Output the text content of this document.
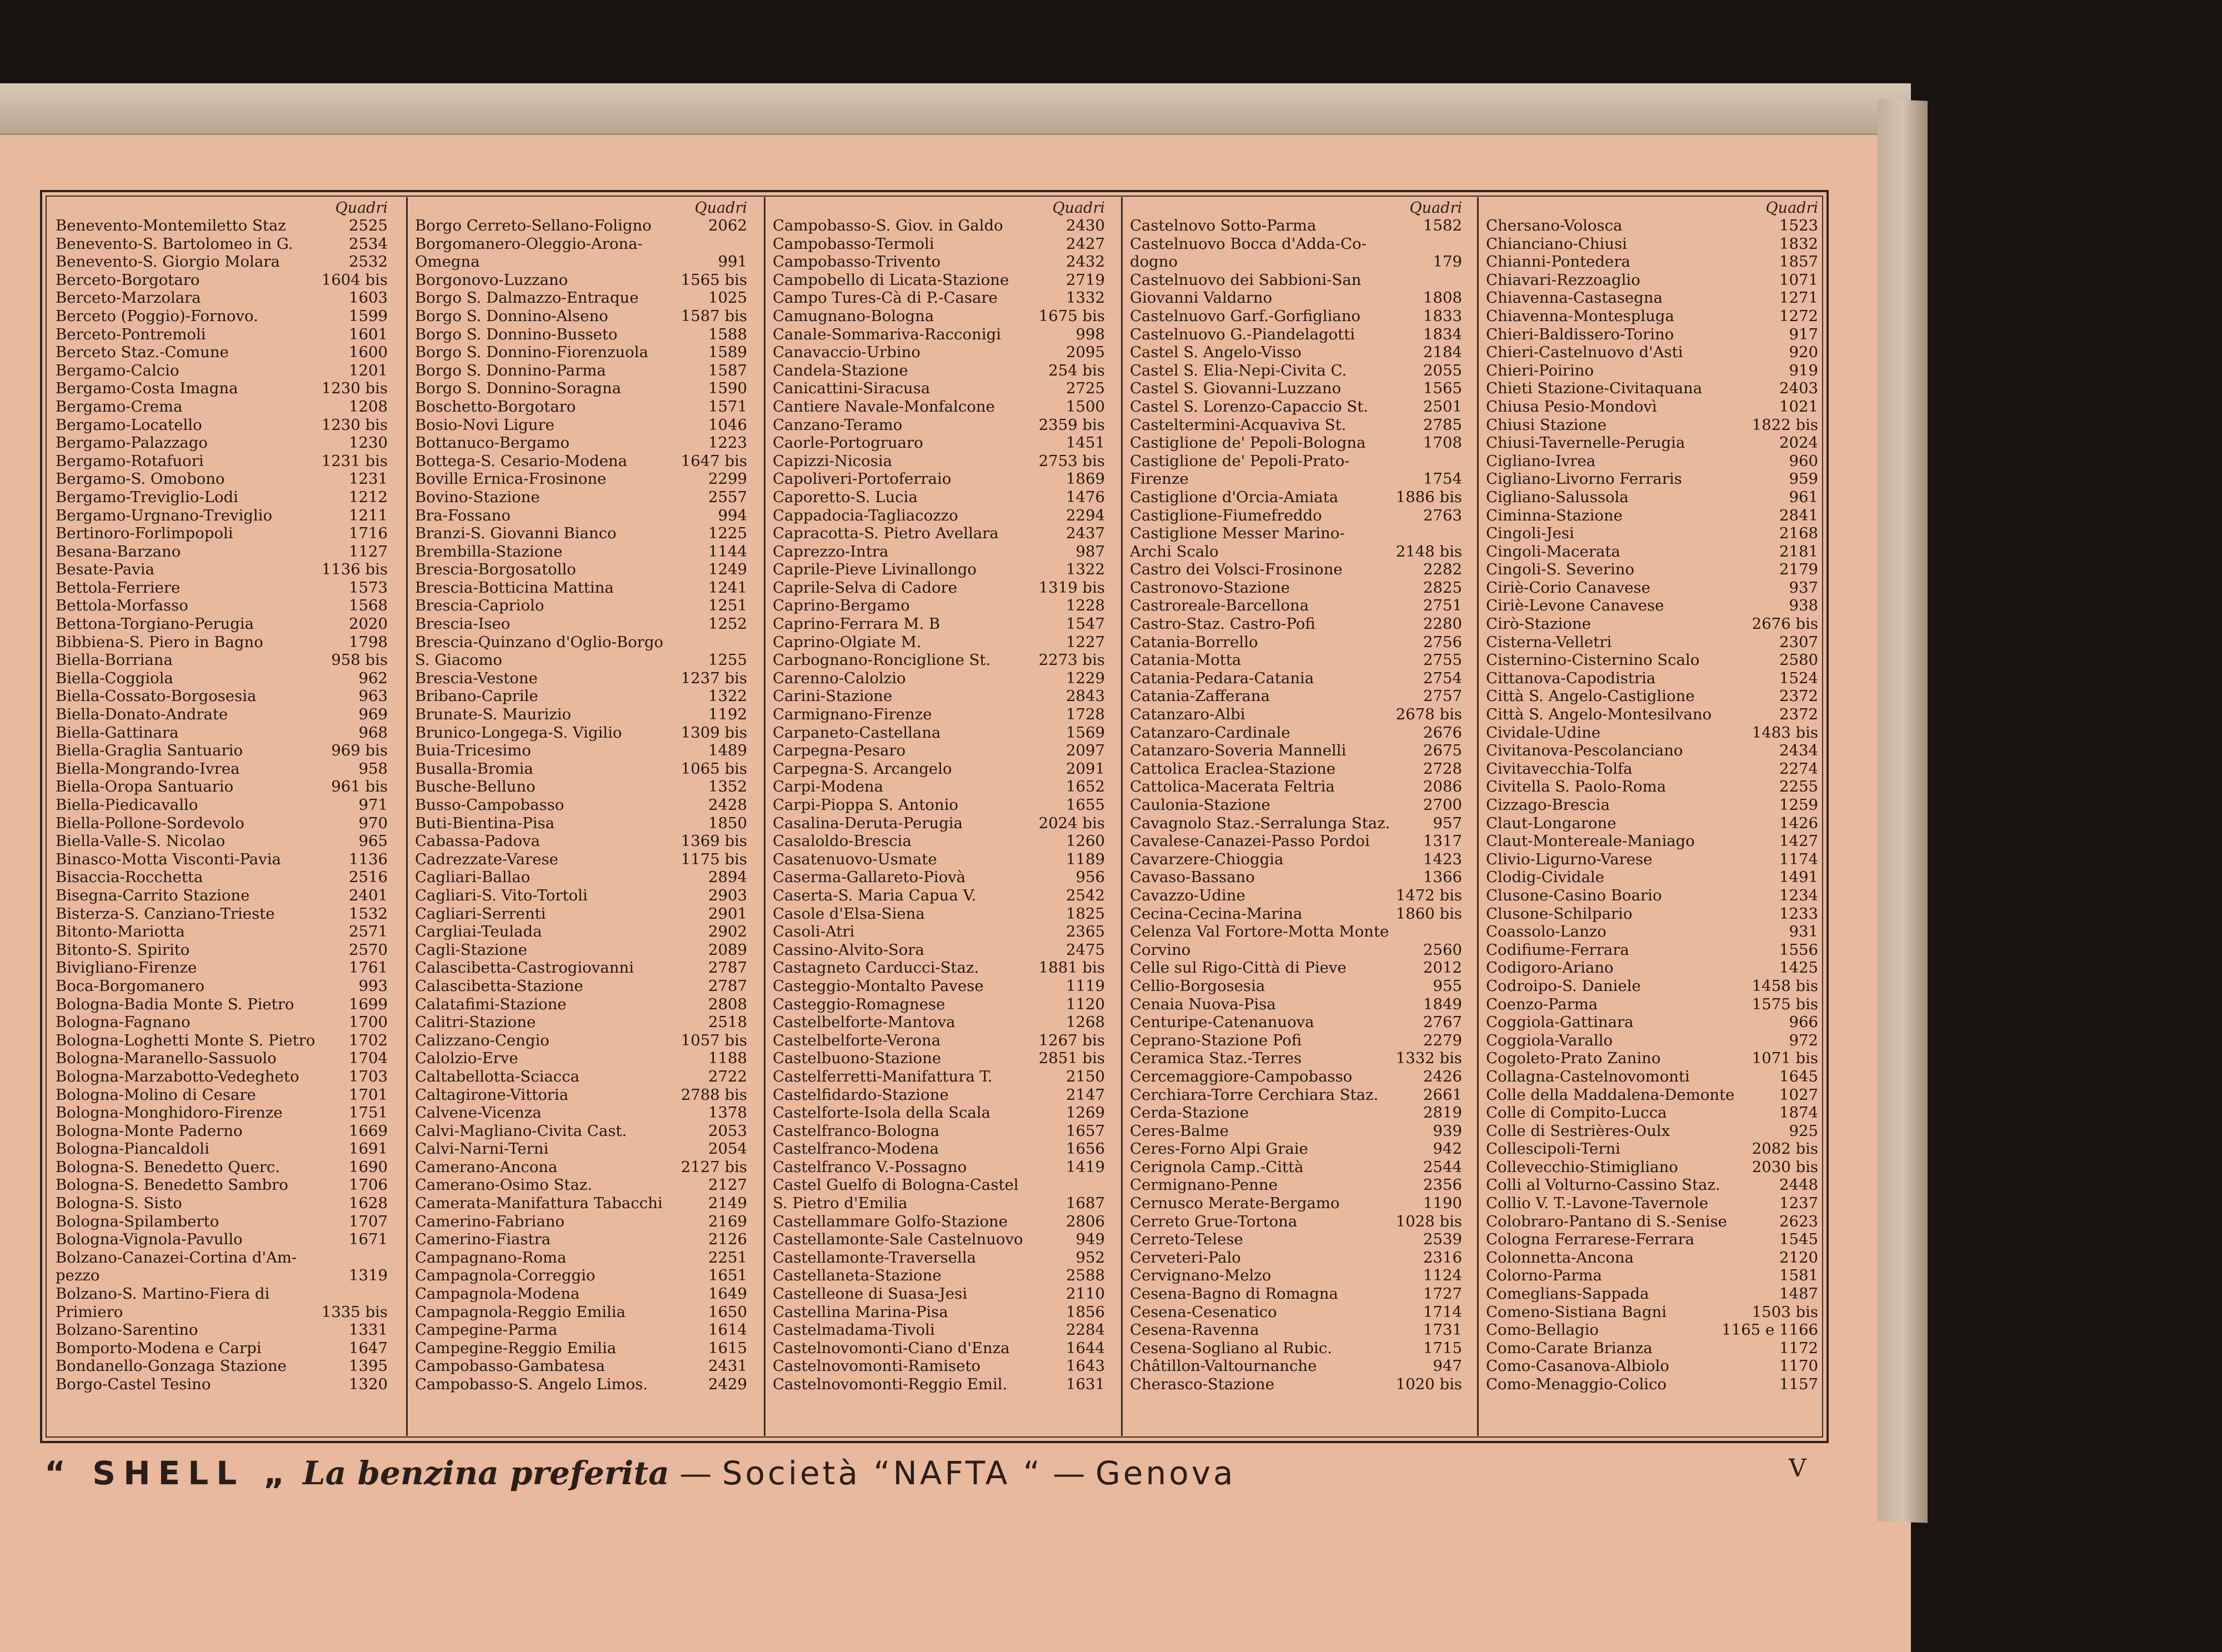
Quadri
Benevento-Montemiletto Staz	2525
Benevento-S. Bartolomeo in G.	2534
Benevento-S. Giorgio Molara	2532
Berceto-Borgotaro	1604 bis
Berceto-Marzolara	1603
Berceto (Poggio)-Fornovo.	1599
Berceto-Pontremoli	1601
Berceto Staz.-Comune	1600
Bergamo-Calcio	1201
Bergamo-Costa Imagna	1230 bis
Bergamo-Crema	1208
Bergamo-Locatello	1230 bis
Bergamo-Palazzago	1230
Bergamo-Rotafuori	1231 bis
Bergamo-S. Omobono	1231
Bergamo-Treviglio-Lodi	1212
Bergamo-Urgnano-Treviglio	1211
Bertinoro-Forlimpopoli	1716
Besana-Barzano	1127
Besate-Pavia	1136 bis
Bettola-Ferriere	1573
Bettola-Morfasso	1568
Bettona-Torgiano-Perugia	2020
Bibbiena-S. Piero in Bagno	1798
Biella-Borriana	958 bis
Biella-Coggiola	962
Biella-Cossato-Borgosesia	963
Biella-Donato-Andrate	969
Biella-Gattinara	968
Biella-Graglia Santuario	969 bis
Biella-Mongrando-Ivrea	958
Biella-Oropa Santuario	961 bis
Biella-Piedicavallo	971
Biella-Pollone-Sordevolo	970
Biella-Valle-S. Nicolao	965
Binasco-Motta Visconti-Pavia	1136
Bisaccia-Rocchetta	2516
Bisegna-Carrito Stazione	2401
Bisterza-S. Canziano-Trieste	1532
Bitonto-Mariotta	2571
Bitonto-S. Spirito	2570
Bivigliano-Firenze	1761
Boca-Borgomanero	993
Bologna-Badia Monte S. Pietro	1699
Bologna-Fagnano	1700
Bologna-Loghetti Monte S. Pietro	1702
Bologna-Maranello-Sassuolo	1704
Bologna-Marzabotto-Vedegheto	1703
Bologna-Molino di Cesare	1701
Bologna-Monghidoro-Firenze	1751
Bologna-Monte Paderno	1669
Bologna-Piancaldoli	1691
Bologna-S. Benedetto Querc.	1690
Bologna-S. Benedetto Sambro	1706
Bologna-S. Sisto	1628
Bologna-Spilamberto	1707
Bologna-Vignola-Pavullo	1671
Bolzano-Canazei-Cortina d'Am-
pezzo	1319
Bolzano-S. Martino-Fiera di
Primiero	1335 bis
Bolzano-Sarentino	1331
Bomporto-Modena e Carpi	1647
Bondanello-Gonzaga Stazione	1395
Borgo-Castel Tesino	1320
Quadri
Borgo Cerreto-Sellano-Foligno	2062
Borgomanero-Oleggio-Arona-
Omegna	991
Borgonovo-Luzzano	1565 bis
Borgo S. Dalmazzo-Entraque	1025
Borgo S. Donnino-Alseno	1587 bis
Borgo S. Donnino-Busseto	1588
Borgo S. Donnino-Fiorenzuola	1589
Borgo S. Donnino-Parma	1587
Borgo S. Donnino-Soragna	1590
Boschetto-Borgotaro	1571
Bosio-Novi Ligure	1046
Bottanuco-Bergamo	1223
Bottega-S. Cesario-Modena	1647 bis
Boville Ernica-Frosinone	2299
Bovino-Stazione	2557
Bra-Fossano	994
Branzi-S. Giovanni Bianco	1225
Brembilla-Stazione	1144
Brescia-Borgosatollo	1249
Brescia-Botticina Mattina	1241
Brescia-Capriolo	1251
Brescia-Iseo	1252
Brescia-Quinzano d'Oglio-Borgo
S. Giacomo	1255
Brescia-Vestone	1237 bis
Bribano-Caprile	1322
Brunate-S. Maurizio	1192
Brunico-Longega-S. Vigilio	1309 bis
Buia-Tricesimo	1489
Busalla-Bromia	1065 bis
Busche-Belluno	1352
Busso-Campobasso	2428
Buti-Bientina-Pisa	1850
Cabassa-Padova	1369 bis
Cadrezzate-Varese	1175 bis
Cagliari-Ballao	2894
Cagliari-S. Vito-Tortoli	2903
Cagliari-Serrenti	2901
Cargliai-Teulada	2902
Cagli-Stazione	2089
Calascibetta-Castrogiovanni	2787
Calascibetta-Stazione	2787
Calatafimi-Stazione	2808
Calitri-Stazione	2518
Calizzano-Cengio	1057 bis
Calolzio-Erve	1188
Caltabellotta-Sciacca	2722
Caltagirone-Vittoria	2788 bis
Calvene-Vicenza	1378
Calvi-Magliano-Civita Cast.	2053
Calvi-Narni-Terni	2054
Camerano-Ancona	2127 bis
Camerano-Osimo Staz.	2127
Camerata-Manifattura Tabacchi	2149
Camerino-Fabriano	2169
Camerino-Fiastra	2126
Campagnano-Roma	2251
Campagnola-Correggio	1651
Campagnola-Modena	1649
Campagnola-Reggio Emilia	1650
Campegine-Parma	1614
Campegine-Reggio Emilia	1615
Campobasso-Gambatesa	2431
Campobasso-S. Angelo Limos.	2429
Quadri
Campobasso-S. Giov. in Galdo	2430
Campobasso-Termoli	2427
Campobasso-Trivento	2432
Campobello di Licata-Stazione	2719
Campo Tures-Cà di P.-Casare	1332
Camugnano-Bologna	1675 bis
Canale-Sommariva-Racconigi	998
Canavaccio-Urbino	2095
Candela-Stazione	254 bis
Canicattini-Siracusa	2725
Cantiere Navale-Monfalcone	1500
Canzano-Teramo	2359 bis
Caorle-Portogruaro	1451
Capizzi-Nicosia	2753 bis
Capoliveri-Portoferraio	1869
Caporetto-S. Lucia	1476
Cappadocia-Tagliacozzo	2294
Capracotta-S. Pietro Avellara	2437
Caprezzo-Intra	987
Caprile-Pieve Livinallongo	1322
Caprile-Selva di Cadore	1319 bis
Caprino-Bergamo	1228
Caprino-Ferrara M. B	1547
Caprino-Olgiate M.	1227
Carbognano-Ronciglione St.	2273 bis
Carenno-Calolzio	1229
Carini-Stazione	2843
Carmignano-Firenze	1728
Carpaneto-Castellana	1569
Carpegna-Pesaro	2097
Carpegna-S. Arcangelo	2091
Carpi-Modena	1652
Carpi-Pioppa S. Antonio	1655
Casalina-Deruta-Perugia	2024 bis
Casaloldo-Brescia	1260
Casatenuovo-Usmate	1189
Caserma-Gallareto-Piovà	956
Caserta-S. Maria Capua V.	2542
Casole d'Elsa-Siena	1825
Casoli-Atri	2365
Cassino-Alvito-Sora	2475
Castagneto Carducci-Staz.	1881 bis
Casteggio-Montalto Pavese	1119
Casteggio-Romagnese	1120
Castelbelforte-Mantova	1268
Castelbelforte-Verona	1267 bis
Castelbuono-Stazione	2851 bis
Castelferretti-Manifattura T.	2150
Castelfidardo-Stazione	2147
Castelforte-Isola della Scala	1269
Castelfranco-Bologna	1657
Castelfranco-Modena	1656
Castelfranco V.-Possagno	1419
Castel Guelfo di Bologna-Castel
S. Pietro d'Emilia	1687
Castellammare Golfo-Stazione	2806
Castellamonte-Sale Castelnuovo	949
Castellamonte-Traversella	952
Castellaneta-Stazione	2588
Castelleone di Suasa-Jesi	2110
Castellina Marina-Pisa	1856
Castelmadama-Tivoli	2284
Castelnovomonti-Ciano d'Enza	1644
Castelnovomonti-Ramiseto	1643
Castelnovomonti-Reggio Emil.	1631
Quadri
Castelnovo Sotto-Parma	1582
Castelnuovo Bocca d'Adda-Co-
dogno	179
Castelnuovo dei Sabbioni-San
Giovanni Valdarno	1808
Castelnuovo Garf.-Gorfigliano	1833
Castelnuovo G.-Piandelagotti	1834
Castel S. Angelo-Visso	2184
Castel S. Elia-Nepi-Civita C.	2055
Castel S. Giovanni-Luzzano	1565
Castel S. Lorenzo-Capaccio St.	2501
Casteltermini-Acquaviva St.	2785
Castiglione de' Pepoli-Bologna	1708
Castiglione de' Pepoli-Prato-
Firenze	1754
Castiglione d'Orcia-Amiata	1886 bis
Castiglione-Fiumefreddo	2763
Castiglione Messer Marino-
Archi Scalo	2148 bis
Castro dei Volsci-Frosinone	2282
Castronovo-Stazione	2825
Castroreale-Barcellona	2751
Castro-Staz. Castro-Pofi	2280
Catania-Borrello	2756
Catania-Motta	2755
Catania-Pedara-Catania	2754
Catania-Zafferana	2757
Catanzaro-Albi	2678 bis
Catanzaro-Cardinale	2676
Catanzaro-Soveria Mannelli	2675
Cattolica Eraclea-Stazione	2728
Cattolica-Macerata Feltria	2086
Caulonia-Stazione	2700
Cavagnolo Staz.-Serralunga Staz.	957
Cavalese-Canazei-Passo Pordoi	1317
Cavarzere-Chioggia	1423
Cavaso-Bassano	1366
Cavazzo-Udine	1472 bis
Cecina-Cecina-Marina	1860 bis
Celenza Val Fortore-Motta Monte
Corvino	2560
Celle sul Rigo-Città di Pieve	2012
Cellio-Borgosesia	955
Cenaia Nuova-Pisa	1849
Centuripe-Catenanuova	2767
Ceprano-Stazione Pofi	2279
Ceramica Staz.-Terres	1332 bis
Cercemaggiore-Campobasso	2426
Cerchiara-Torre Cerchiara Staz.	2661
Cerda-Stazione	2819
Ceres-Balme	939
Ceres-Forno Alpi Graie	942
Cerignola Camp.-Città	2544
Cermignano-Penne	2356
Cernusco Merate-Bergamo	1190
Cerreto Grue-Tortona	1028 bis
Cerreto-Telese	2539
Cerveteri-Palo	2316
Cervignano-Melzo	1124
Cesena-Bagno di Romagna	1727
Cesena-Cesenatico	1714
Cesena-Ravenna	1731
Cesena-Sogliano al Rubic.	1715
Châtillon-Valtournanche	947
Cherasco-Stazione	1020 bis
Quadri
Chersano-Volosca	1523
Chianciano-Chiusi	1832
Chianni-Pontedera	1857
Chiavari-Rezzoaglio	1071
Chiavenna-Castasegna	1271
Chiavenna-Montespluga	1272
Chieri-Baldissero-Torino	917
Chieri-Castelnuovo d'Asti	920
Chieri-Poirino	919
Chieti Stazione-Civitaquana	2403
Chiusa Pesio-Mondovì	1021
Chiusi Stazione	1822 bis
Chiusi-Tavernelle-Perugia	2024
Cigliano-Ivrea	960
Cigliano-Livorno Ferraris	959
Cigliano-Salussola	961
Ciminna-Stazione	2841
Cingoli-Jesi	2168
Cingoli-Macerata	2181
Cingoli-S. Severino	2179
Ciriè-Corio Canavese	937
Ciriè-Levone Canavese	938
Cirò-Stazione	2676 bis
Cisterna-Velletri	2307
Cisternino-Cisternino Scalo	2580
Cittanova-Capodistria	1524
Città S. Angelo-Castiglione	2372
Città S. Angelo-Montesilvano	2372
Cividale-Udine	1483 bis
Civitanova-Pescolanciano	2434
Civitavecchia-Tolfa	2274
Civitella S. Paolo-Roma	2255
Cizzago-Brescia	1259
Claut-Longarone	1426
Claut-Montereale-Maniago	1427
Clivio-Ligurno-Varese	1174
Clodig-Cividale	1491
Clusone-Casino Boario	1234
Clusone-Schilpario	1233
Coassolo-Lanzo	931
Codifiume-Ferrara	1556
Codigoro-Ariano	1425
Codroipo-S. Daniele	1458 bis
Coenzo-Parma	1575 bis
Coggiola-Gattinara	966
Coggiola-Varallo	972
Cogoleto-Prato Zanino	1071 bis
Collagna-Castelnovomonti	1645
Colle della Maddalena-Demonte	1027
Colle di Compito-Lucca	1874
Colle di Sestrières-Oulx	925
Collescipoli-Terni	2082 bis
Collevecchio-Stimigliano	2030 bis
Colli al Volturno-Cassino Staz.	2448
Collio V. T.-Lavone-Tavernole	1237
Colobraro-Pantano di S.-Senise	2623
Cologna Ferrarese-Ferrara	1545
Colonnetta-Ancona	2120
Colorno-Parma	1581
Comeglians-Sappada	1487
Comeno-Sistiana Bagni	1503 bis
Como-Bellagio	1165 e 1166
Como-Carate Brianza	1172
Como-Casanova-Albiolo	1170
Como-Menaggio-Colico	1157
“ SHELL „ La benzina preferita — Società “NAFTA “ — Genova	V
